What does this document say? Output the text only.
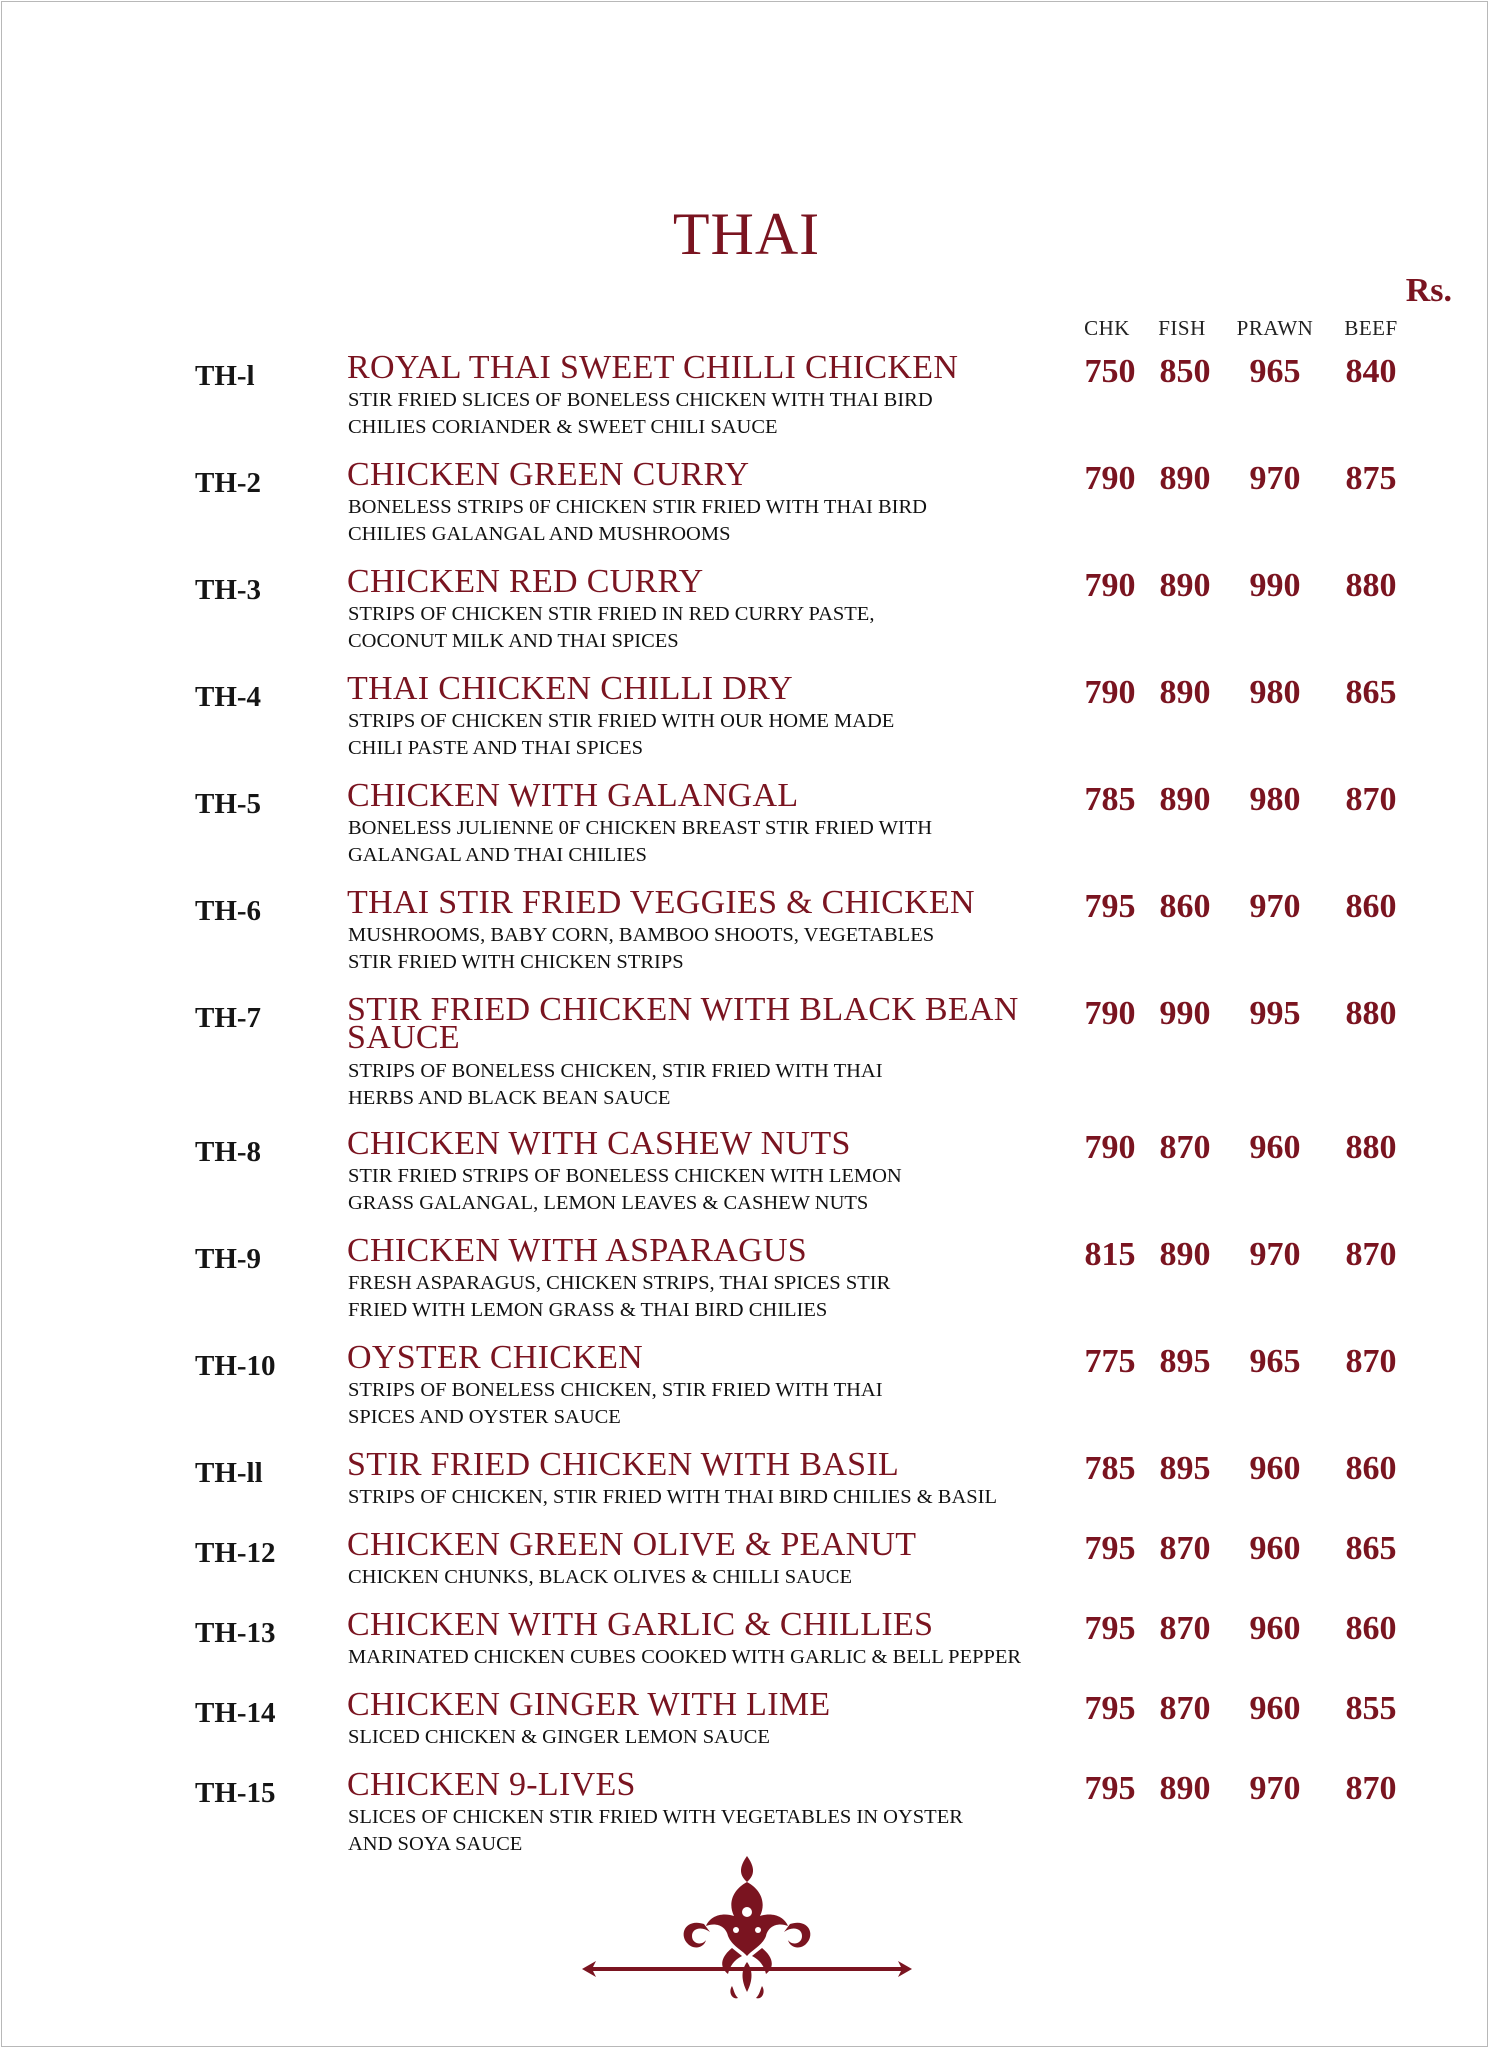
THAI
Rs.
CHK	FISH	PRAWN	BEEF
TH-l	ROYAL THAI SWEET CHILLI CHICKEN
STIR FRIED SLICES OF BONELESS CHICKEN WITH THAI BIRD
CHILIES CORIANDER & SWEET CHILI SAUCE
750 850	965	840
TH-2	CHICKEN GREEN CURRY
BONELESS STRIPS 0F CHICKEN STIR FRIED WITH THAI BIRD
CHILIES GALANGAL AND MUSHROOMS
790 890	970	875
TH-3	CHICKEN RED CURRY
STRIPS OF CHICKEN STIR FRIED IN RED CURRY PASTE,
COCONUT MILK AND THAI SPICES
790 890	990	880
TH-4	THAI CHICKEN CHILLI DRY
STRIPS OF CHICKEN STIR FRIED WITH OUR HOME MADE
CHILI PASTE AND THAI SPICES
790 890	980	865
TH-5	CHICKEN WITH GALANGAL
BONELESS JULIENNE 0F CHICKEN BREAST STIR FRIED WITH
GALANGAL AND THAI CHILIES
785 890	980	870
TH-6	THAI STIR FRIED VEGGIES & CHICKEN
MUSHROOMS, BABY CORN, BAMBOO SHOOTS, VEGETABLES
STIR FRIED WITH CHICKEN STRIPS
795 860	970	860
TH-7	STIR FRIED CHICKEN WITH BLACK BEAN SAUCE
STRIPS OF BONELESS CHICKEN, STIR FRIED WITH THAI
HERBS AND BLACK BEAN SAUCE
790 990	995	880
TH-8	CHICKEN WITH CASHEW NUTS
STIR FRIED STRIPS OF BONELESS CHICKEN WITH LEMON
GRASS GALANGAL, LEMON LEAVES & CASHEW NUTS
790 870	960	880
TH-9	CHICKEN WITH ASPARAGUS
FRESH ASPARAGUS, CHICKEN STRIPS, THAI SPICES STIR
FRIED WITH LEMON GRASS & THAI BIRD CHILIES
815 890	970	870
TH-10 OYSTER CHICKEN
STRIPS OF BONELESS CHICKEN, STIR FRIED WITH THAI
SPICES AND OYSTER SAUCE
775 895	965	870
TH-ll STIR FRIED CHICKEN WITH BASIL
STRIPS OF CHICKEN, STIR FRIED WITH THAI BIRD CHILIES & BASIL
785 895	960	860
TH-12 CHICKEN GREEN OLIVE & PEANUT
CHICKEN CHUNKS, BLACK OLIVES & CHILLI SAUCE
795 870	960	865
TH-13 CHICKEN WITH GARLIC & CHILLIES
MARINATED CHICKEN CUBES COOKED WITH GARLIC & BELL PEPPER
795 870	960	860
TH-14 CHICKEN GINGER WITH LIME
SLICED CHICKEN & GINGER LEMON SAUCE
795 870	960	855
TH-15 CHICKEN 9-LIVES
SLICES OF CHICKEN STIR FRIED WITH VEGETABLES IN OYSTER
AND SOYA SAUCE
795 890	970	870
